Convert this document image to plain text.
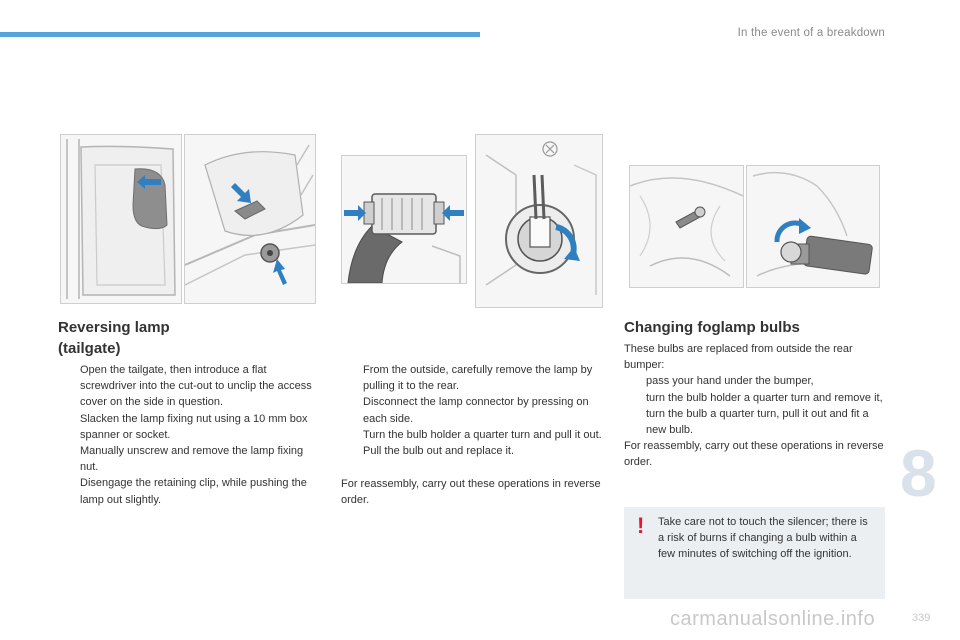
In the event of a breakdown
Reversing lamp
(tailgate)
Open the tailgate, then introduce a flat screwdriver into the cut-out to unclip the access cover on the side in question.
Slacken the lamp fixing nut using a 10 mm box spanner or socket.
Manually unscrew and remove the lamp fixing nut.
Disengage the retaining clip, while pushing the lamp out slightly.
From the outside, carefully remove the lamp by pulling it to the rear.
Disconnect the lamp connector by pressing on each side.
Turn the bulb holder a quarter turn and pull it out.
Pull the bulb out and replace it.

For reassembly, carry out these operations in reverse order.

Changing foglamp bulbs

These bulbs are replaced from outside the rear bumper:

pass your hand under the bumper,
turn the bulb holder a quarter turn and remove it,
turn the bulb a quarter turn, pull it out and fit a new bulb.

For reassembly, carry out these operations in reverse order.

! Take care not to touch the silencer; there is a risk of burns if changing a bulb within a few minutes of switching off the ignition.
8
carmanualsonline.info	339
